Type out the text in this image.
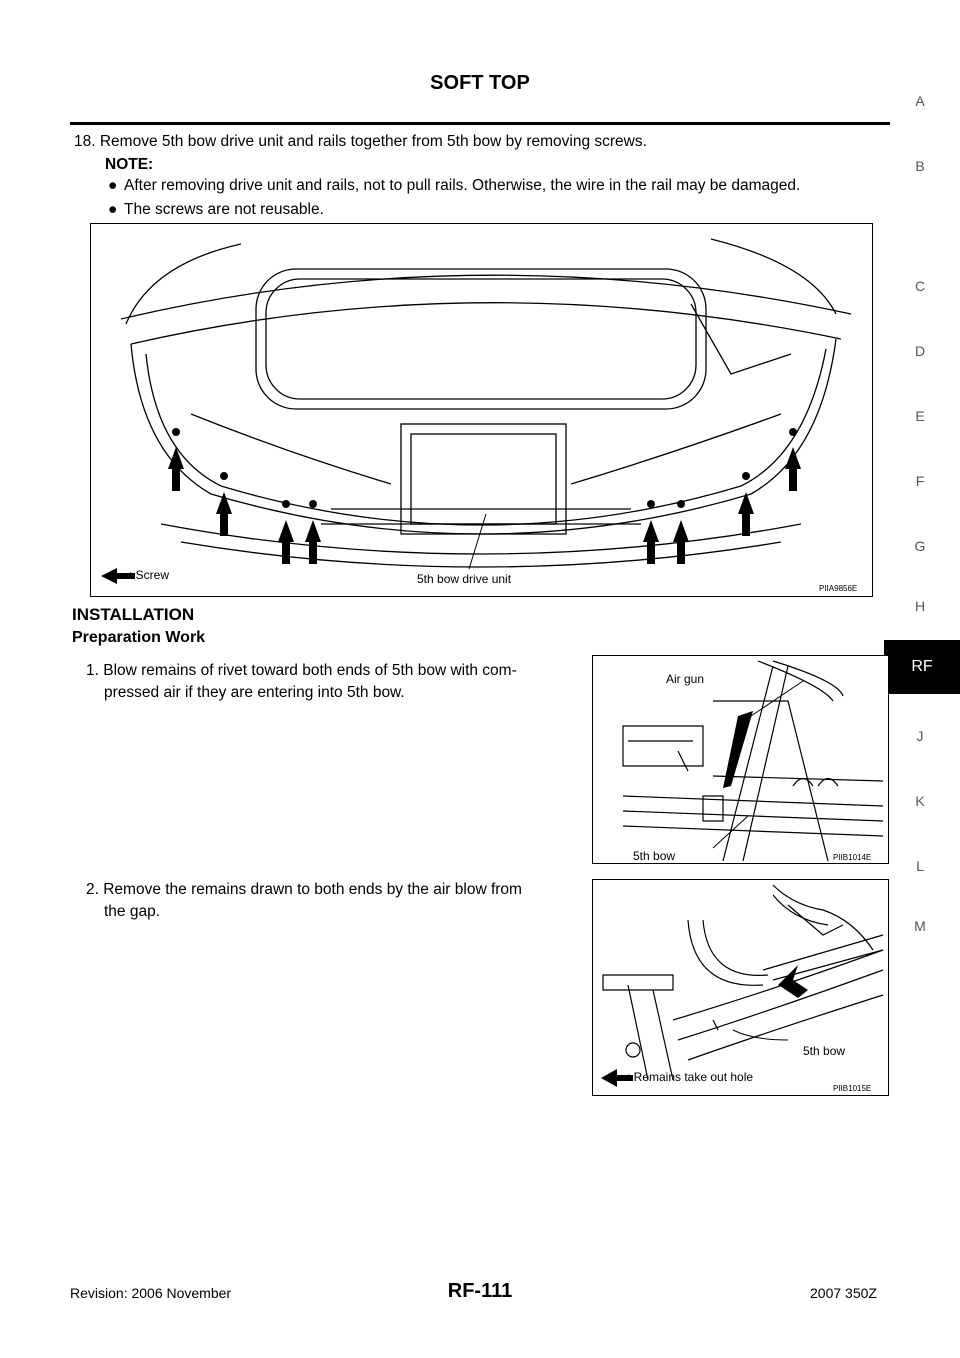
SOFT TOP
A
B
C
D
E
F
G
H
RF
J
K
L
M
18. Remove 5th bow drive unit and rails together from 5th bow by removing screws.
NOTE:
● After removing drive unit and rails, not to pull rails. Otherwise, the wire in the rail may be damaged.
● The screws are not reusable.
: Screw	5th bow drive unit
PIIA9856E
INSTALLATION
Preparation Work
1. Blow remains of rivet toward both ends of 5th bow with com-
pressed air if they are entering into 5th bow.
Air gun
5th bow	PIIB1014E
2. Remove the remains drawn to both ends by the air blow from
the gap.
5th bow
: Remains take out hole
PIIB1015E
Revision: 2006 November	RF-111	2007 350Z
